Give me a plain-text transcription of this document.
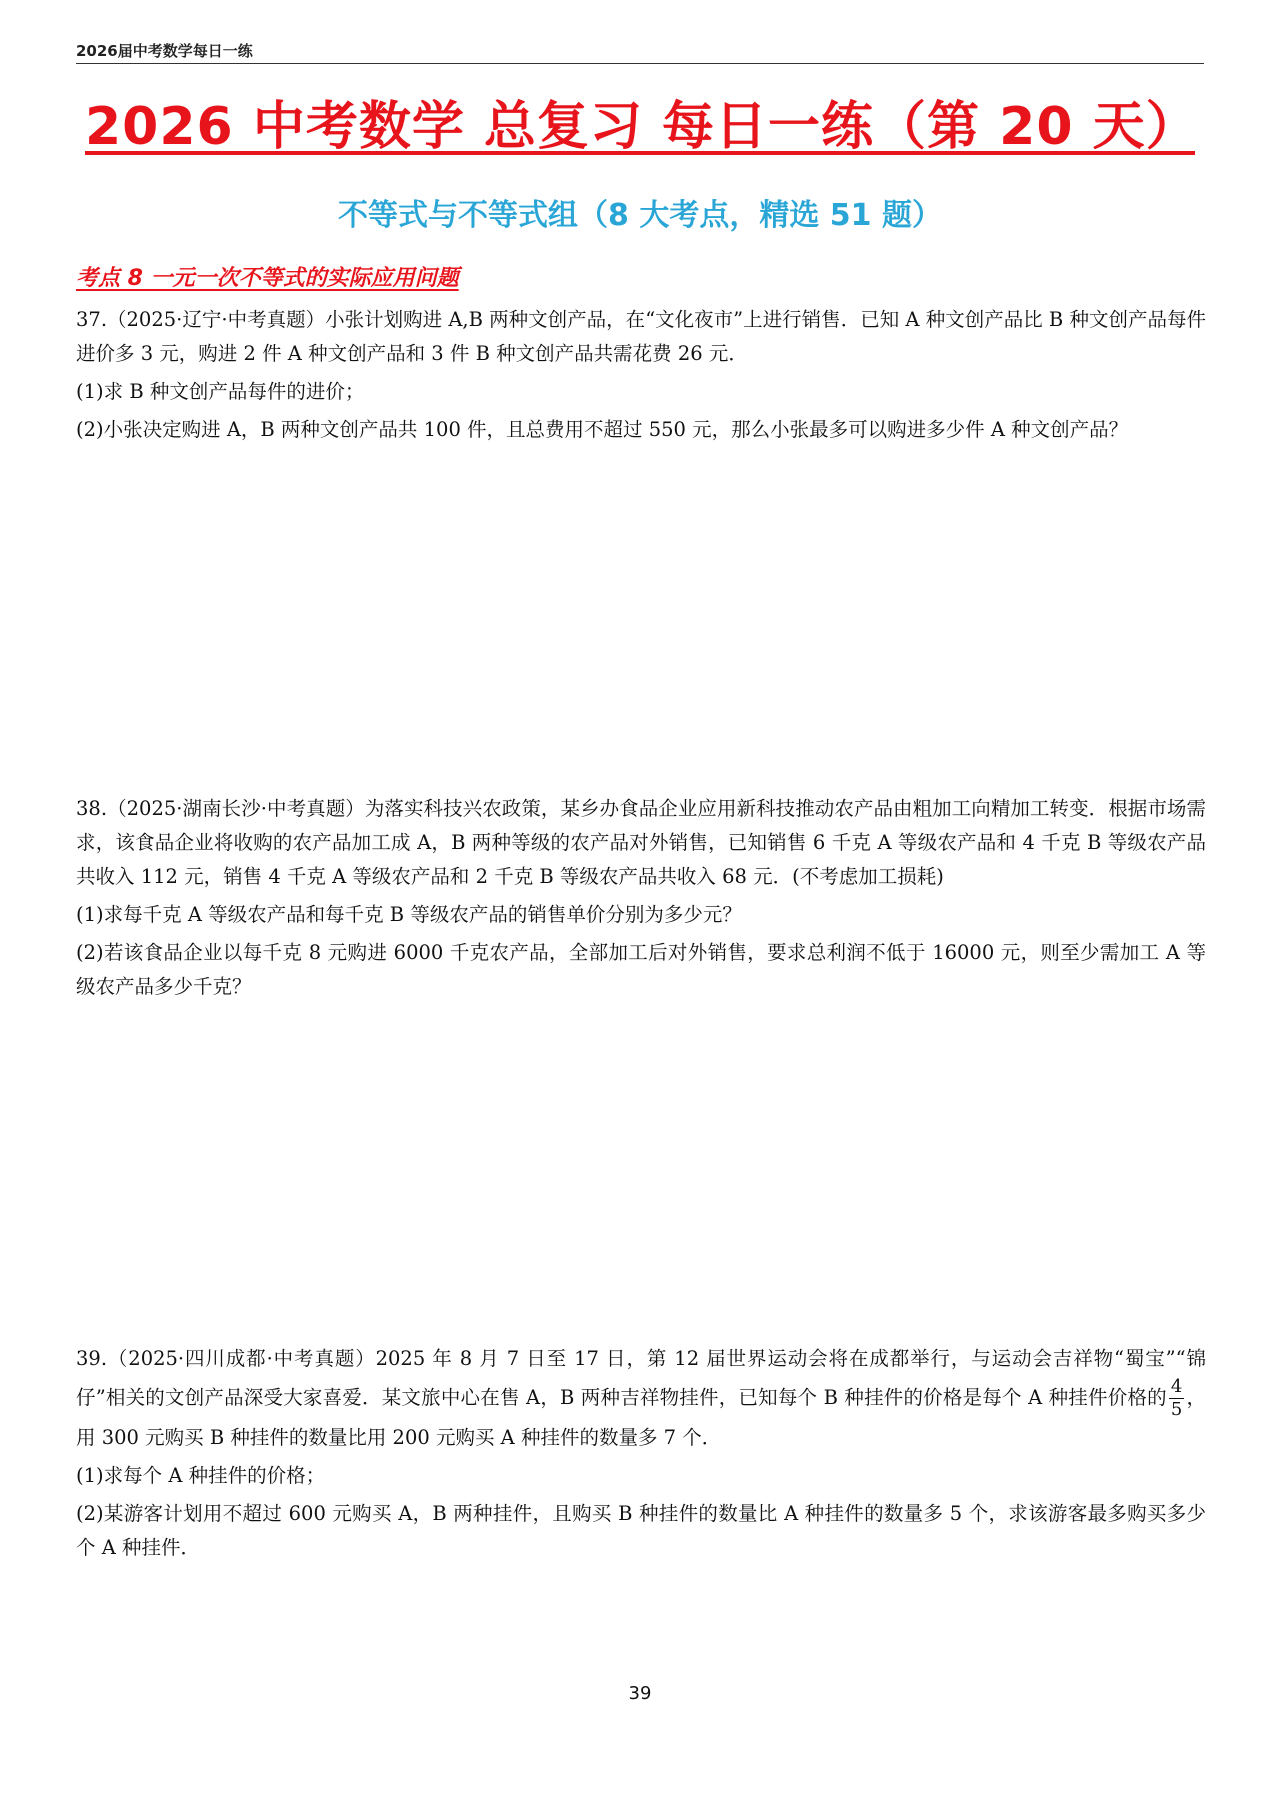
2026届中考数学每日一练

2026 中考数学 总复习 每日一练（第 20 天）
不等式与不等式组（8 大考点，精选 51 题）
考点 8 一元一次不等式的实际应用问题

37.（2025·辽宁·中考真题）小张计划购进 A,B 两种文创产品，在“文化夜市”上进行销售．已知 A 种文创产品比 B 种文创产品每件进价多 3 元，购进 2 件 A 种文创产品和 3 件 B 种文创产品共需花费 26 元．

(1)求 B 种文创产品每件的进价；

(2)小张决定购进 A，B 两种文创产品共 100 件，且总费用不超过 550 元，那么小张最多可以购进多少件 A 种文创产品？

38.（2025·湖南长沙·中考真题）为落实科技兴农政策，某乡办食品企业应用新科技推动农产品由粗加工向精加工转变．根据市场需求，该食品企业将收购的农产品加工成 A，B 两种等级的农产品对外销售，已知销售 6 千克 A 等级农产品和 4 千克 B 等级农产品共收入 112 元，销售 4 千克 A 等级农产品和 2 千克 B 等级农产品共收入 68 元．(不考虑加工损耗)

(1)求每千克 A 等级农产品和每千克 B 等级农产品的销售单价分别为多少元？

(2)若该食品企业以每千克 8 元购进 6000 千克农产品，全部加工后对外销售，要求总利润不低于 16000 元，则至少需加工 A 等级农产品多少千克？

39.（2025·四川成都·中考真题）2025 年 8 月 7 日至 17 日，第 12 届世界运动会将在成都举行，与运动会吉祥物“蜀宝”“锦仔”相关的文创产品深受大家喜爱．某文旅中心在售 A，B 两种吉祥物挂件，已知每个 B 种挂件的价格是每个 A 种挂件价格的 $\frac{4}{5}$ ，用 300 元购买 B 种挂件的数量比用 200 元购买 A 种挂件的数量多 7 个．

(1)求每个 A 种挂件的价格；

(2)某游客计划用不超过 600 元购买 A，B 两种挂件，且购买 B 种挂件的数量比 A 种挂件的数量多 5 个，求该游客最多购买多少个 A 种挂件．

39
